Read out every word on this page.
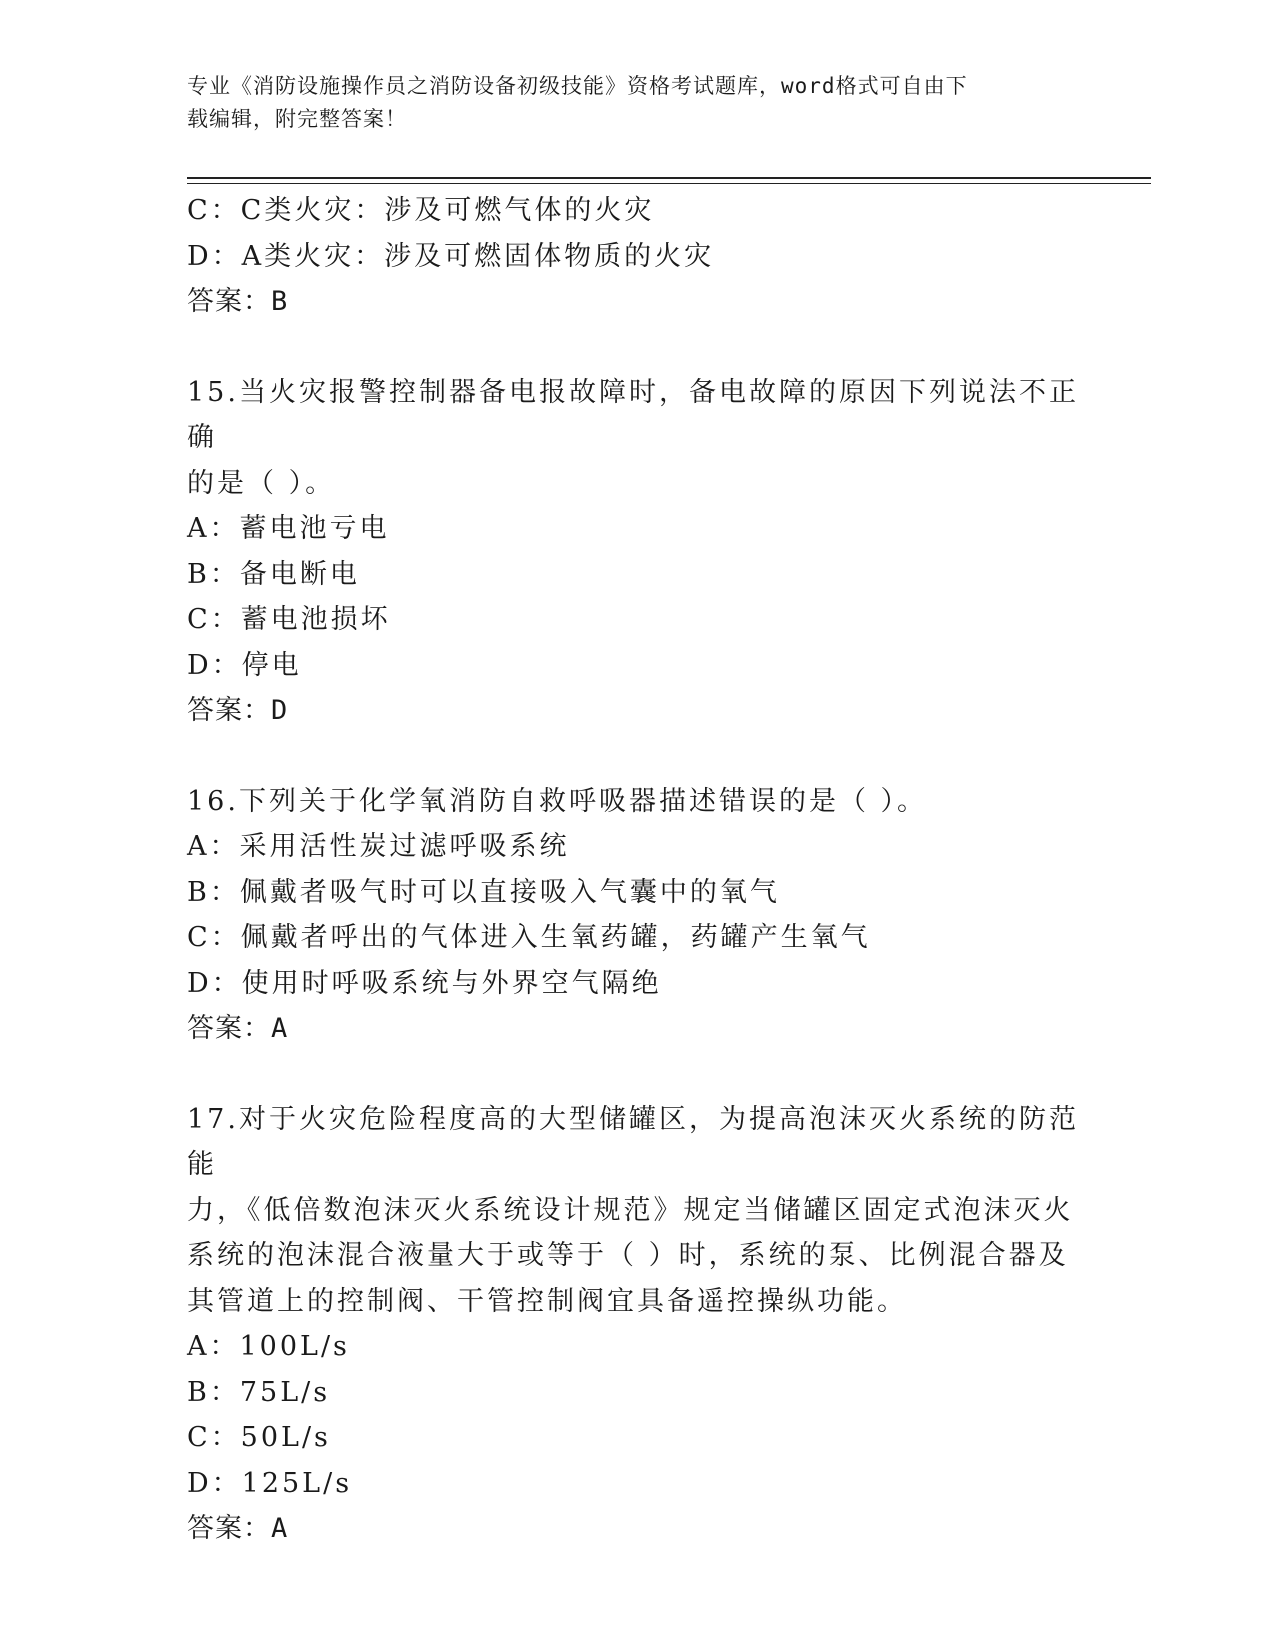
专业《消防设施操作员之消防设备初级技能》资格考试题库，word格式可自由下
载编辑，附完整答案！
C：C类火灾：涉及可燃气体的火灾
D：A类火灾：涉及可燃固体物质的火灾
答案：B
15.当火灾报警控制器备电报故障时，备电故障的原因下列说法不正确
的是（ ）。
A：蓄电池亏电
B：备电断电
C：蓄电池损坏
D：停电
答案：D
16.下列关于化学氧消防自救呼吸器描述错误的是（ ）。
A：采用活性炭过滤呼吸系统
B：佩戴者吸气时可以直接吸入气囊中的氧气
C：佩戴者呼出的气体进入生氧药罐，药罐产生氧气
D：使用时呼吸系统与外界空气隔绝
答案：A
17.对于火灾危险程度高的大型储罐区，为提高泡沫灭火系统的防范能
力，《低倍数泡沫灭火系统设计规范》规定当储罐区固定式泡沫灭火
系统的泡沫混合液量大于或等于（ ）时，系统的泵、比例混合器及
其管道上的控制阀、干管控制阀宜具备遥控操纵功能。
A：100L/s
B：75L/s
C：50L/s
D：125L/s
答案：A
